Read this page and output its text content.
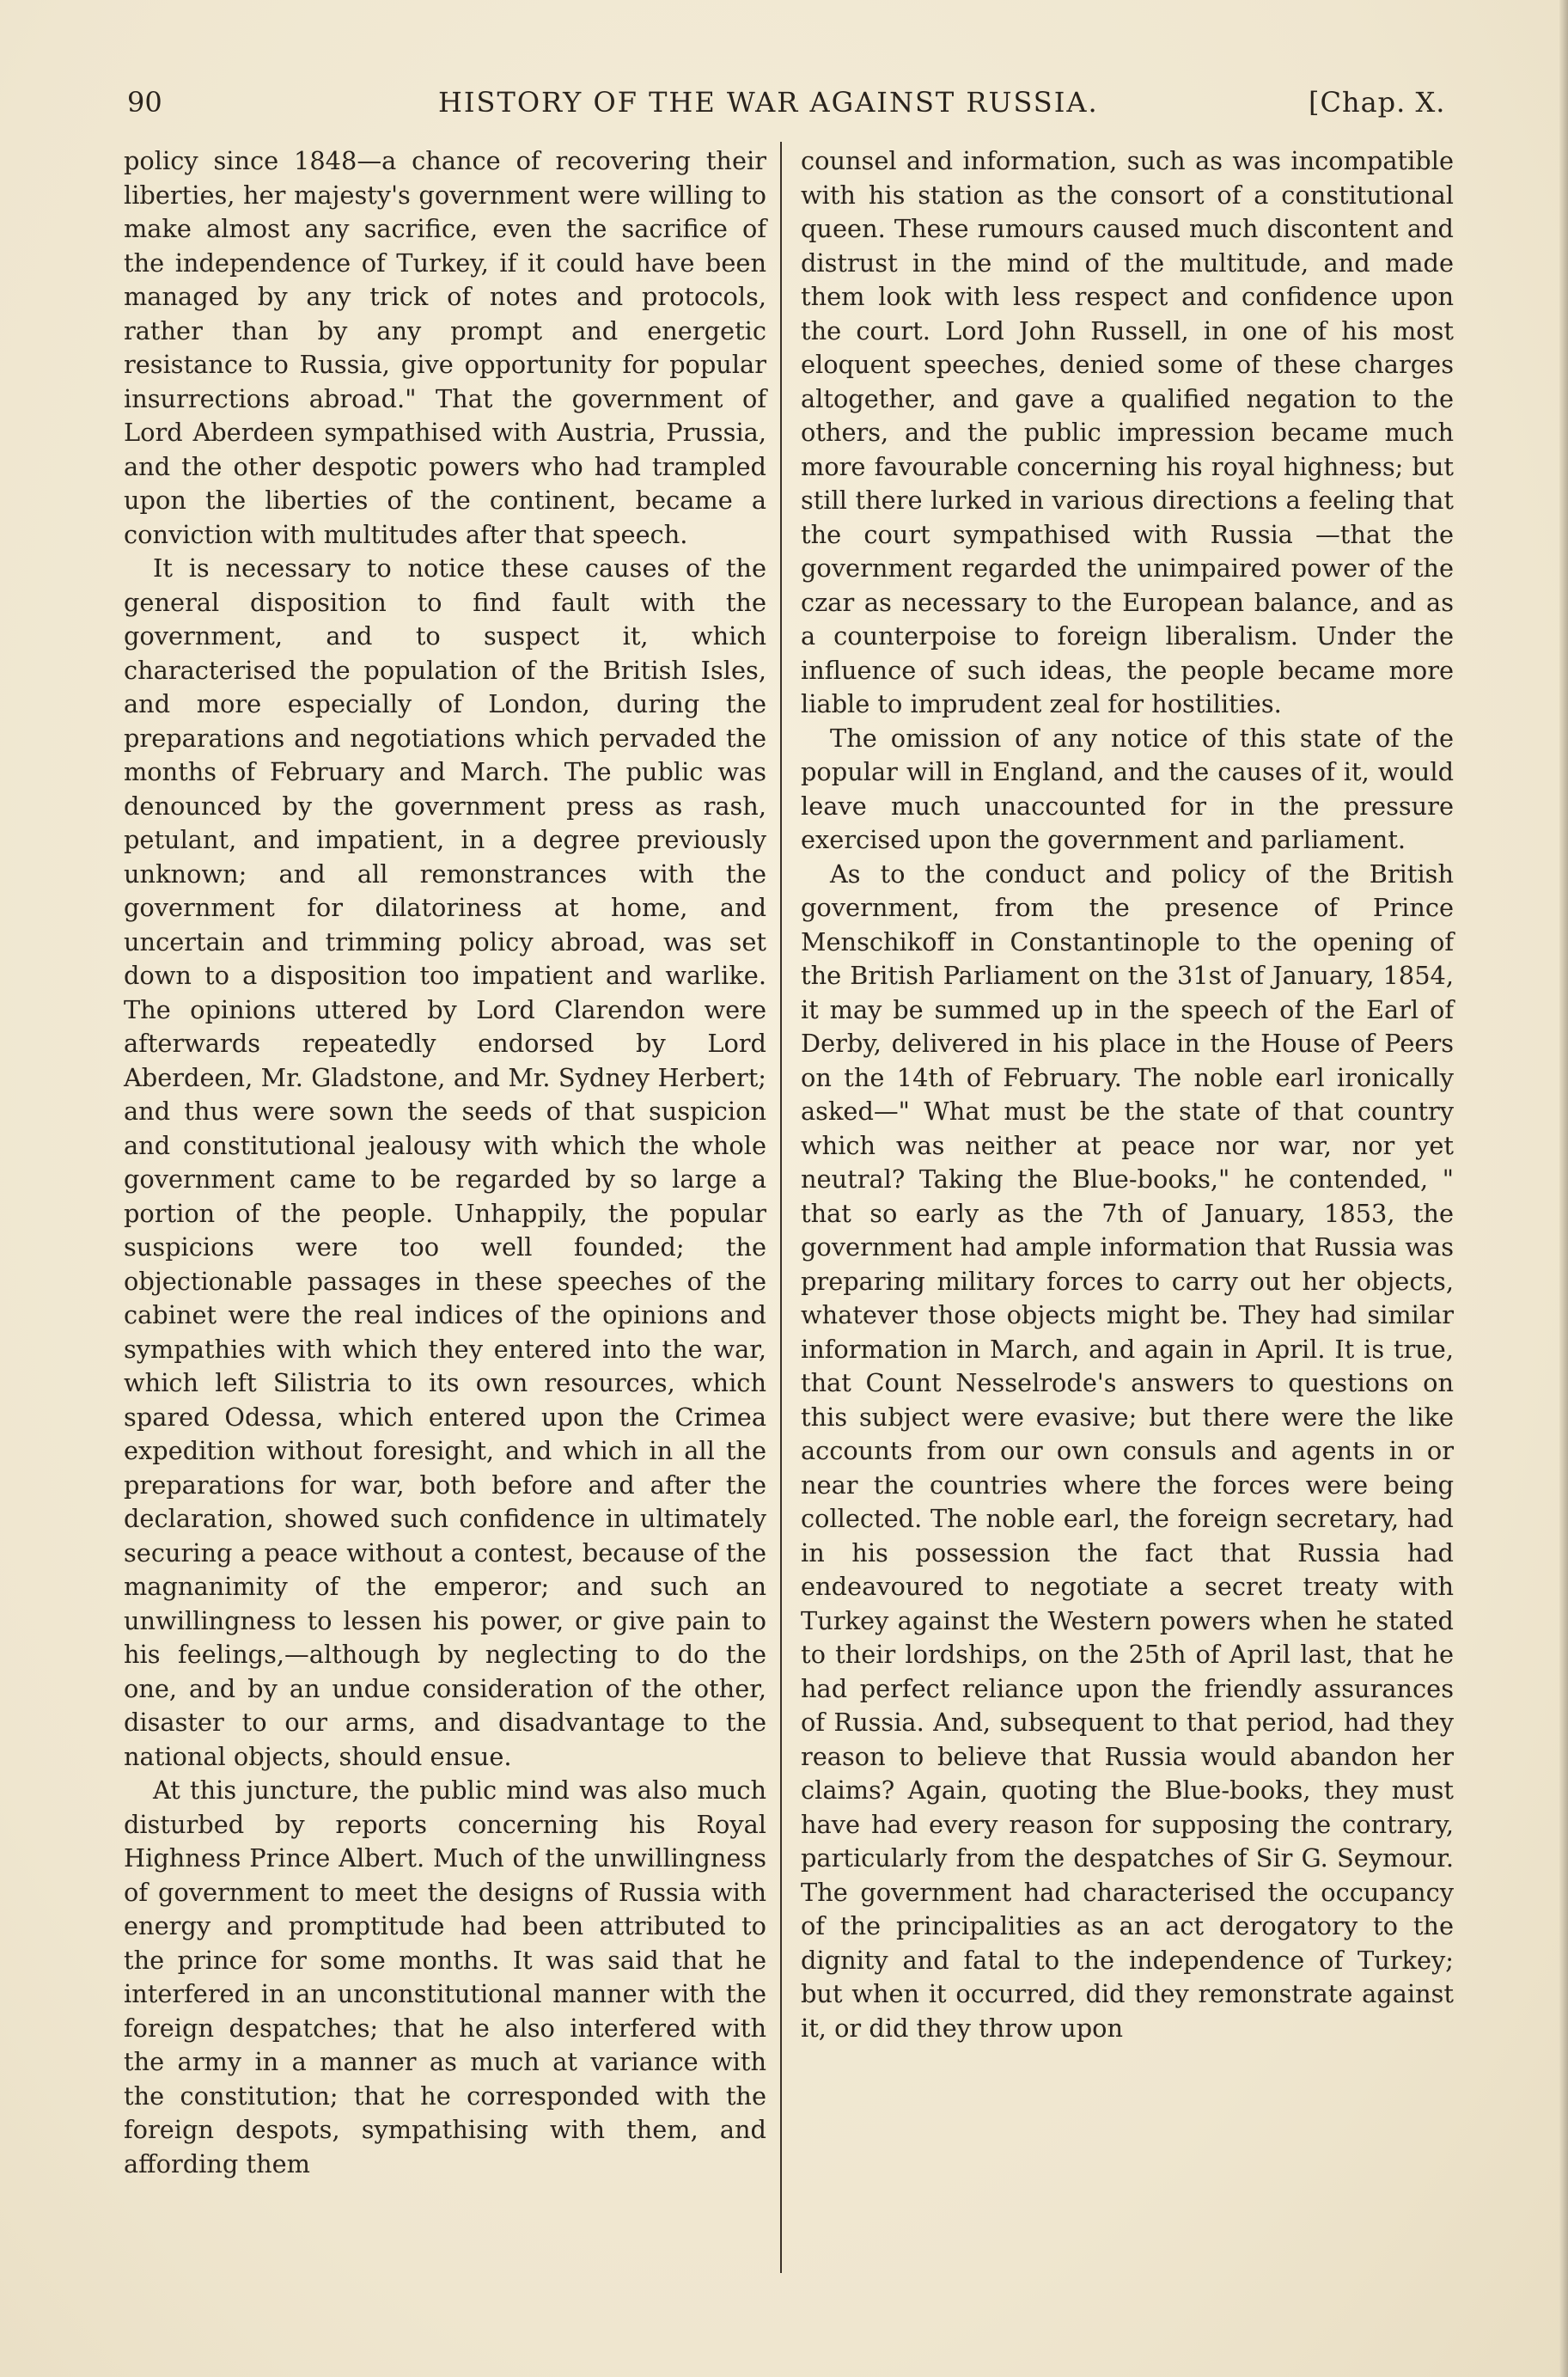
90	HISTORY OF THE WAR AGAINST RUSSIA.	[Chap. X.

policy since 1848—a chance of recovering their liberties, her majesty's government were willing to make almost any sacrifice, even the sacrifice of the independence of Turkey, if it could have been managed by any trick of notes and protocols, rather than by any prompt and energetic resistance to Russia, give opportunity for popular insurrections abroad." That the government of Lord Aberdeen sympathised with Austria, Prussia, and the other despotic powers who had trampled upon the liberties of the continent, became a conviction with multitudes after that speech.

It is necessary to notice these causes of the general disposition to find fault with the government, and to suspect it, which characterised the population of the British Isles, and more especially of London, during the preparations and negotiations which pervaded the months of February and March. The public was denounced by the government press as rash, petulant, and impatient, in a degree previously unknown; and all remonstrances with the government for dilatoriness at home, and uncertain and trimming policy abroad, was set down to a disposition too impatient and warlike. The opinions uttered by Lord Clarendon were afterwards repeatedly endorsed by Lord Aberdeen, Mr. Gladstone, and Mr. Sydney Herbert; and thus were sown the seeds of that suspicion and constitutional jealousy with which the whole government came to be regarded by so large a portion of the people. Unhappily, the popular suspicions were too well founded; the objectionable passages in these speeches of the cabinet were the real indices of the opinions and sympathies with which they entered into the war, which left Silistria to its own resources, which spared Odessa, which entered upon the Crimea expedition without foresight, and which in all the preparations for war, both before and after the declaration, showed such confidence in ultimately securing a peace without a contest, because of the magnanimity of the emperor; and such an unwillingness to lessen his power, or give pain to his feelings,—although by neglecting to do the one, and by an undue consideration of the other, disaster to our arms, and disadvantage to the national objects, should ensue.

At this juncture, the public mind was also much disturbed by reports concerning his Royal Highness Prince Albert. Much of the unwillingness of government to meet the designs of Russia with energy and promptitude had been attributed to the prince for some months. It was said that he interfered in an unconstitutional manner with the foreign despatches; that he also interfered with the army in a manner as much at variance with the constitution; that he corresponded with the foreign despots, sympathising with them, and affording them

counsel and information, such as was incompatible with his station as the consort of a constitutional queen. These rumours caused much discontent and distrust in the mind of the multitude, and made them look with less respect and confidence upon the court. Lord John Russell, in one of his most eloquent speeches, denied some of these charges altogether, and gave a qualified negation to the others, and the public impression became much more favourable concerning his royal highness; but still there lurked in various directions a feeling that the court sympathised with Russia —that the government regarded the unimpaired power of the czar as necessary to the European balance, and as a counterpoise to foreign liberalism. Under the influence of such ideas, the people became more liable to imprudent zeal for hostilities.

The omission of any notice of this state of the popular will in England, and the causes of it, would leave much unaccounted for in the pressure exercised upon the government and parliament.

As to the conduct and policy of the British government, from the presence of Prince Menschikoff in Constantinople to the opening of the British Parliament on the 31st of January, 1854, it may be summed up in the speech of the Earl of Derby, delivered in his place in the House of Peers on the 14th of February. The noble earl ironically asked—" What must be the state of that country which was neither at peace nor war, nor yet neutral? Taking the Blue-books," he contended, " that so early as the 7th of January, 1853, the government had ample information that Russia was preparing military forces to carry out her objects, whatever those objects might be. They had similar information in March, and again in April. It is true, that Count Nesselrode's answers to questions on this subject were evasive; but there were the like accounts from our own consuls and agents in or near the countries where the forces were being collected. The noble earl, the foreign secretary, had in his possession the fact that Russia had endeavoured to negotiate a secret treaty with Turkey against the Western powers when he stated to their lordships, on the 25th of April last, that he had perfect reliance upon the friendly assurances of Russia. And, subsequent to that period, had they reason to believe that Russia would abandon her claims? Again, quoting the Blue-books, they must have had every reason for supposing the contrary, particularly from the despatches of Sir G. Seymour. The government had characterised the occupancy of the principalities as an act derogatory to the dignity and fatal to the independence of Turkey; but when it occurred, did they remonstrate against it, or did they throw upon
